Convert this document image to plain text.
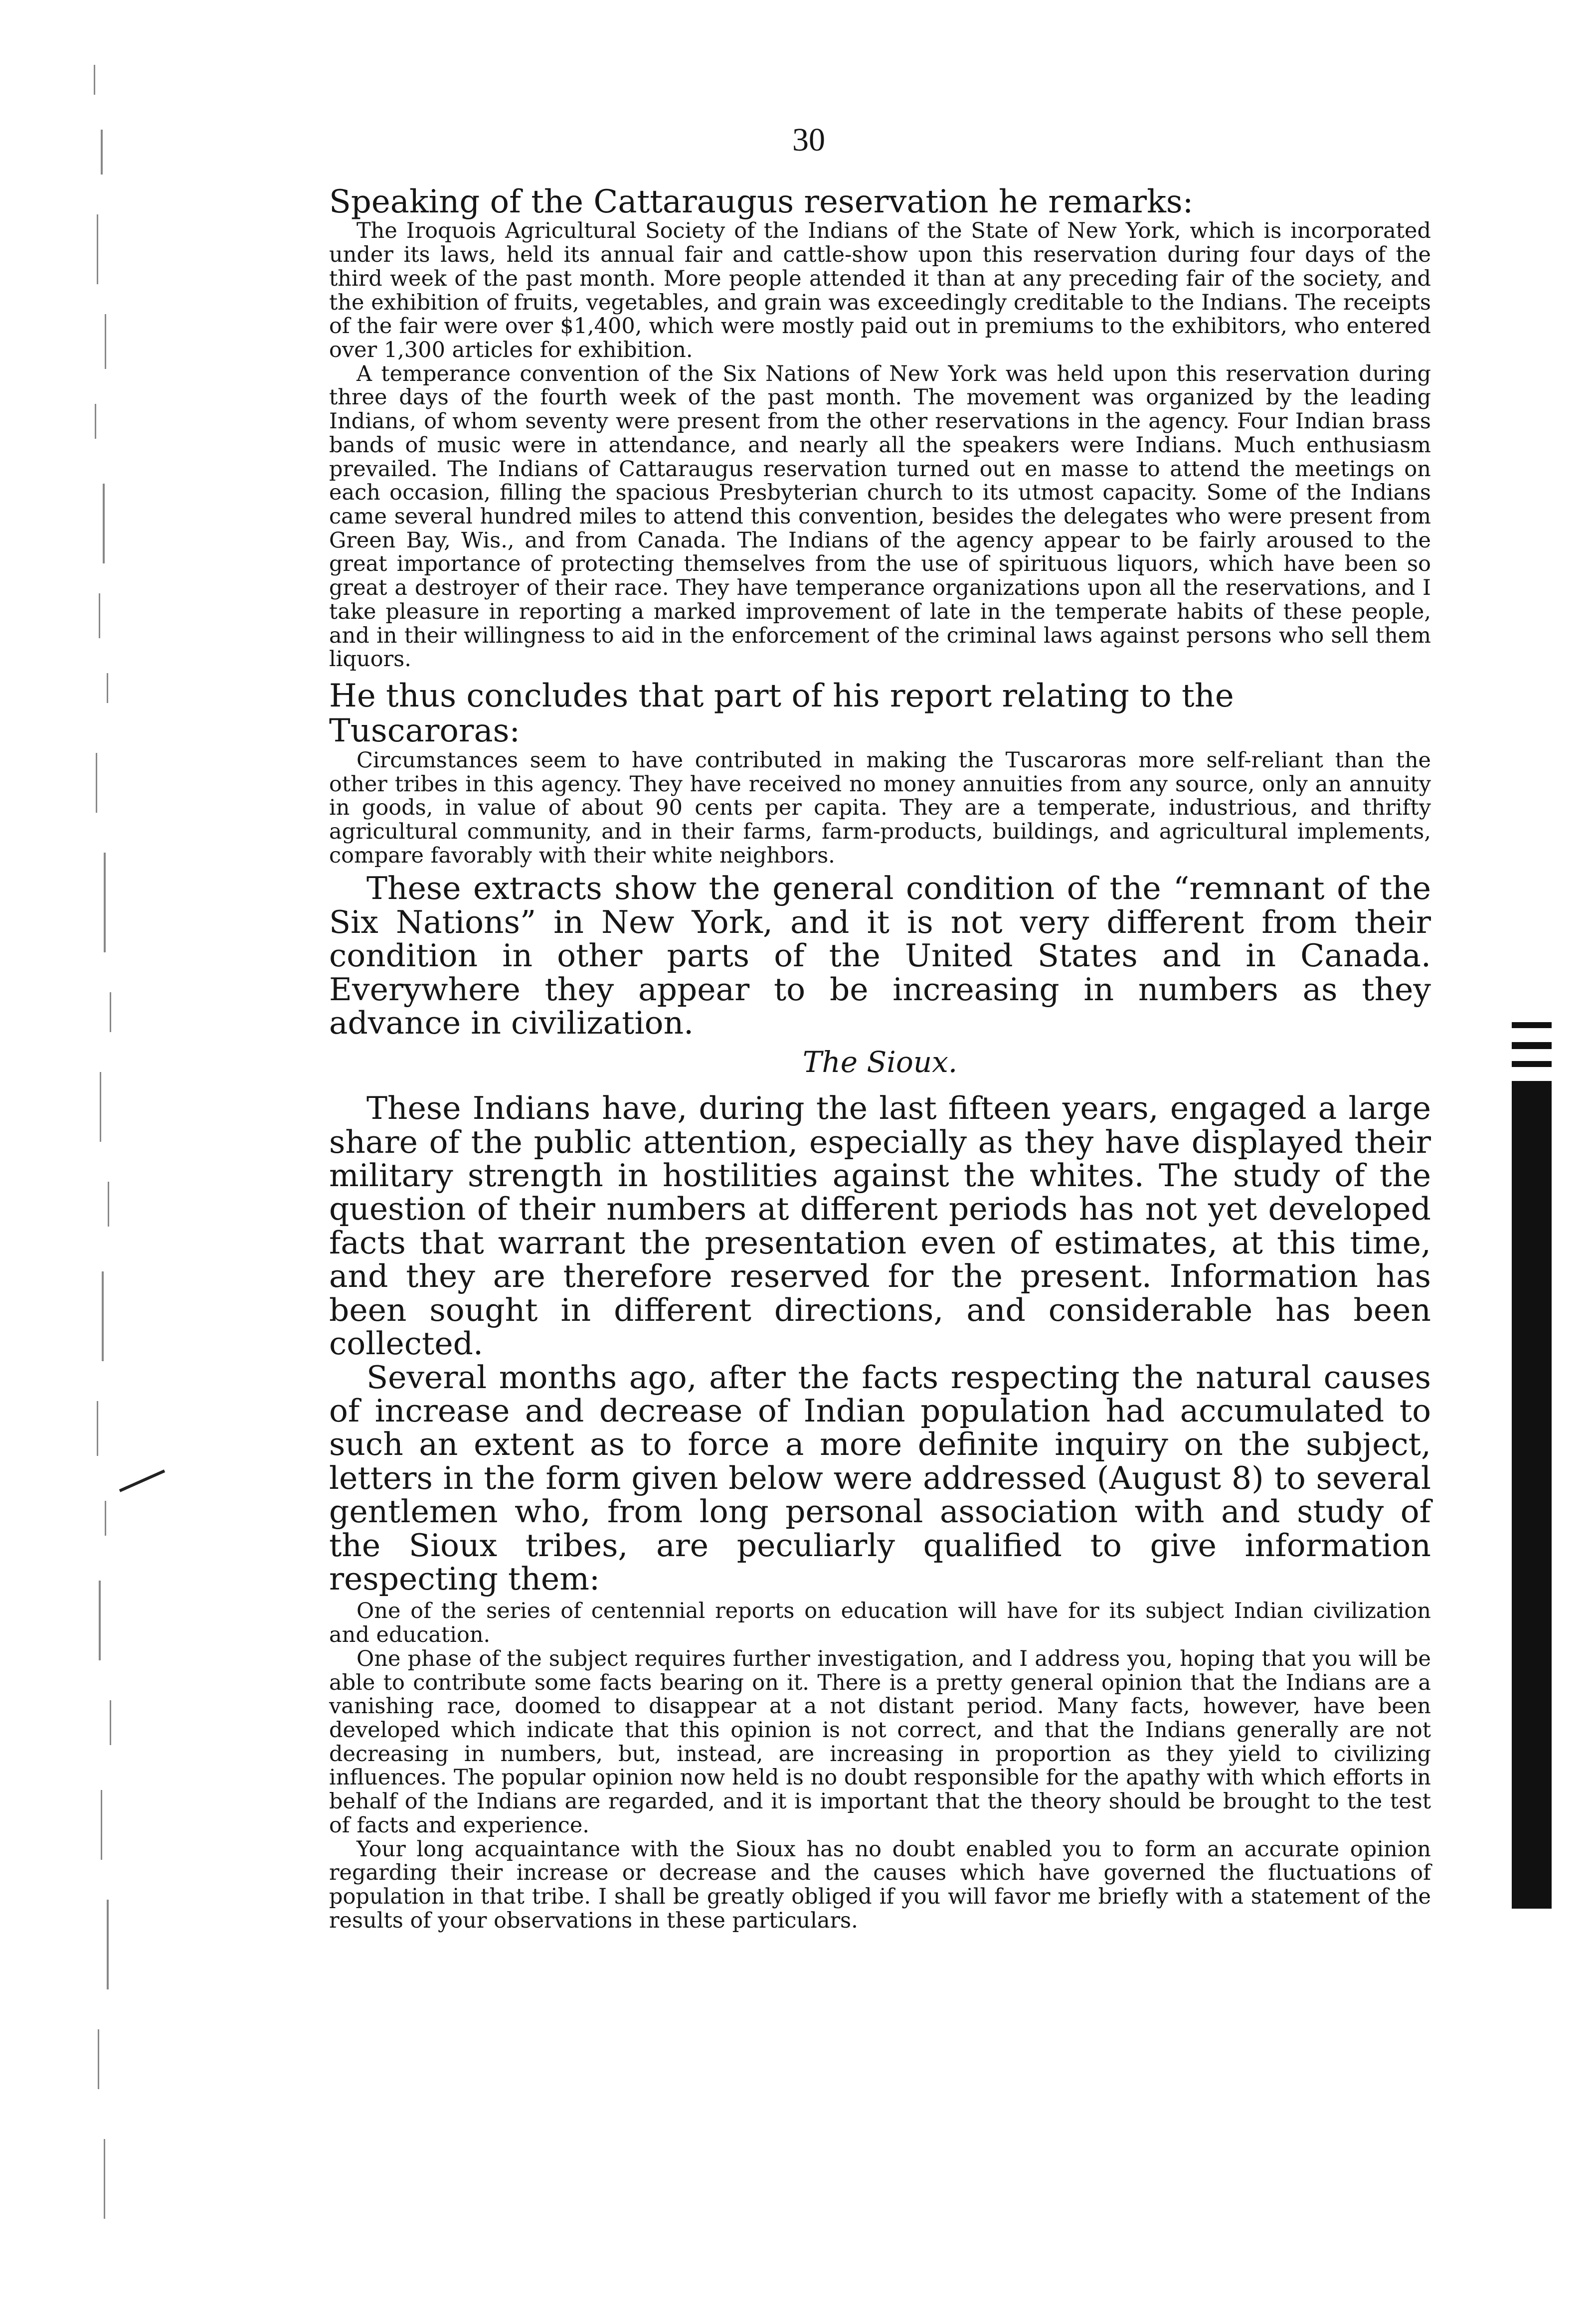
30

Speaking of the Cattaraugus reservation he remarks:

The Iroquois Agricultural Society of the Indians of the State of New York, which is incorporated under its laws, held its annual fair and cattle-show upon this reservation during four days of the third week of the past month. More people attended it than at any preceding fair of the society, and the exhibition of fruits, vegetables, and grain was exceedingly creditable to the Indians. The receipts of the fair were over $1,400, which were mostly paid out in premiums to the exhibitors, who entered over 1,300 articles for exhibition.

A temperance convention of the Six Nations of New York was held upon this reservation during three days of the fourth week of the past month. The movement was organized by the leading Indians, of whom seventy were present from the other reservations in the agency. Four Indian brass bands of music were in attendance, and nearly all the speakers were Indians. Much enthusiasm prevailed. The Indians of Cattaraugus reservation turned out en masse to attend the meetings on each occasion, filling the spacious Presbyterian church to its utmost capacity. Some of the Indians came several hundred miles to attend this convention, besides the delegates who were present from Green Bay, Wis., and from Canada. The Indians of the agency appear to be fairly aroused to the great importance of protecting themselves from the use of spirituous liquors, which have been so great a destroyer of their race. They have temperance organizations upon all the reservations, and I take pleasure in reporting a marked improvement of late in the temperate habits of these people, and in their willingness to aid in the enforcement of the criminal laws against persons who sell them liquors.

He thus concludes that part of his report relating to the Tuscaroras:

Circumstances seem to have contributed in making the Tuscaroras more self-reliant than the other tribes in this agency. They have received no money annuities from any source, only an annuity in goods, in value of about 90 cents per capita. They are a temperate, industrious, and thrifty agricultural community, and in their farms, farm-products, buildings, and agricultural implements, compare favorably with their white neighbors.

These extracts show the general condition of the “remnant of the Six Nations” in New York, and it is not very different from their condition in other parts of the United States and in Canada. Everywhere they appear to be increasing in numbers as they advance in civilization.

The Sioux.

These Indians have, during the last fifteen years, engaged a large share of the public attention, especially as they have displayed their military strength in hostilities against the whites. The study of the question of their numbers at different periods has not yet developed facts that warrant the presentation even of estimates, at this time, and they are therefore reserved for the present. Information has been sought in different directions, and considerable has been collected.

Several months ago, after the facts respecting the natural causes of increase and decrease of Indian population had accumulated to such an extent as to force a more definite inquiry on the subject, letters in the form given below were addressed (August 8) to several gentlemen who, from long personal association with and study of the Sioux tribes, are peculiarly qualified to give information respecting them:

One of the series of centennial reports on education will have for its subject Indian civilization and education.

One phase of the subject requires further investigation, and I address you, hoping that you will be able to contribute some facts bearing on it. There is a pretty general opinion that the Indians are a vanishing race, doomed to disappear at a not distant period. Many facts, however, have been developed which indicate that this opinion is not correct, and that the Indians generally are not decreasing in numbers, but, instead, are increasing in proportion as they yield to civilizing influences. The popular opinion now held is no doubt responsible for the apathy with which efforts in behalf of the Indians are regarded, and it is important that the theory should be brought to the test of facts and experience.

Your long acquaintance with the Sioux has no doubt enabled you to form an accurate opinion regarding their increase or decrease and the causes which have governed the fluctuations of population in that tribe. I shall be greatly obliged if you will favor me briefly with a statement of the results of your observations in these particulars.
